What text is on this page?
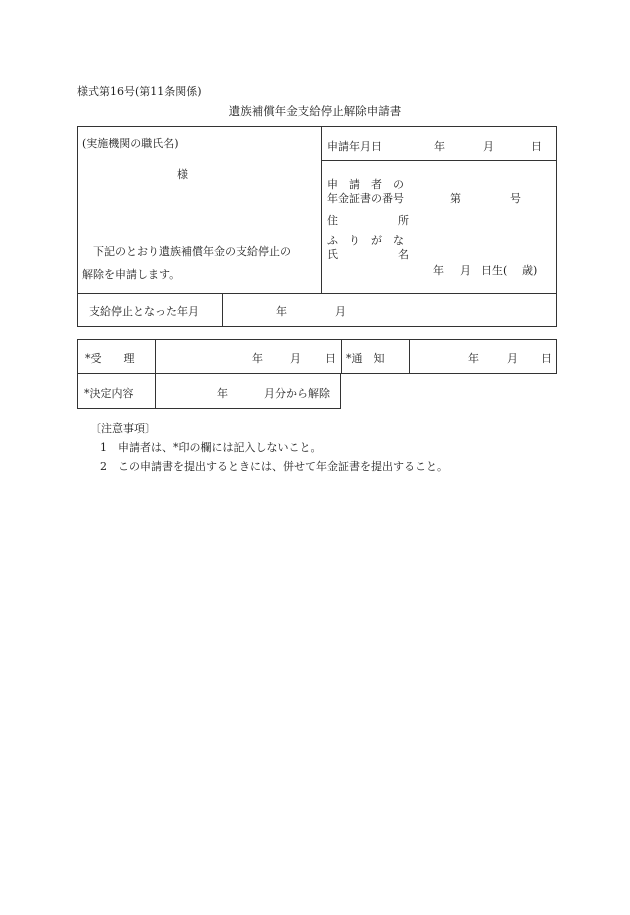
様式第16号(第11条関係)
遺族補償年金支給停止解除申請書
(実施機関の職氏名)
様
下記のとおり遺族補償年金の支給停止の
解除を申請します。
申請年月日	年	月	日
申　請　者　の
年金証書の番号	第	号
住	所
ふ　り　が　な
氏	名
年 月 日生( 歳)
支給停止となった年月	年	月
*受　　理	年 月 日 *通　知	年	月 日
*決定内容	年	月分から解除
〔注意事項〕
1　申請者は、*印の欄には記入しないこと。
2　この申請書を提出するときには、併せて年金証書を提出すること。
